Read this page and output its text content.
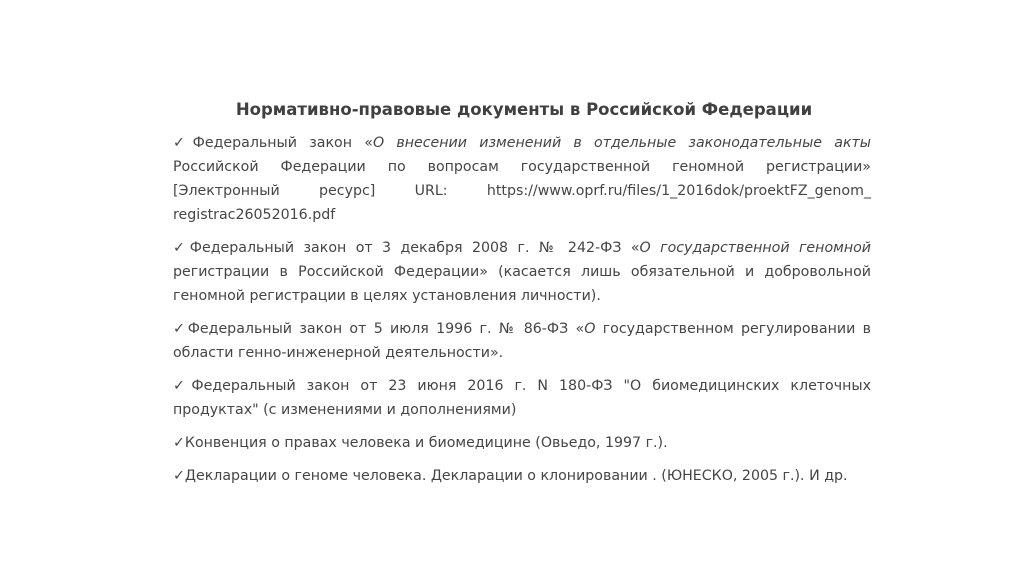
Нормативно-правовые документы в Российской Федерации
✓Федеральный закон «О внесении изменений в отдельные законодательные акты Российской Федерации по вопросам государственной геномной регистрации» [Электронный ресурс] URL: https://www.oprf.ru/files/1_2016dok/proektFZ_genom_ registrac26052016.pdf
✓Федеральный закон от 3 декабря 2008 г. № 242-ФЗ «О государственной геномной регистрации в Российской Федерации» (касается лишь обязательной и добровольной геномной регистрации в целях установления личности).
✓Федеральный закон от 5 июля 1996 г. № 86-ФЗ «О государственном регулировании в области генно-инженерной деятельности».
✓Федеральный закон от 23 июня 2016 г. N 180-ФЗ "О биомедицинских клеточных продуктах" (с изменениями и дополнениями)
✓Конвенция о правах человека и биомедицине (Овьедо, 1997 г.).
✓Декларации о геноме человека. Декларации о клонировании . (ЮНЕСКО, 2005 г.). И др.
